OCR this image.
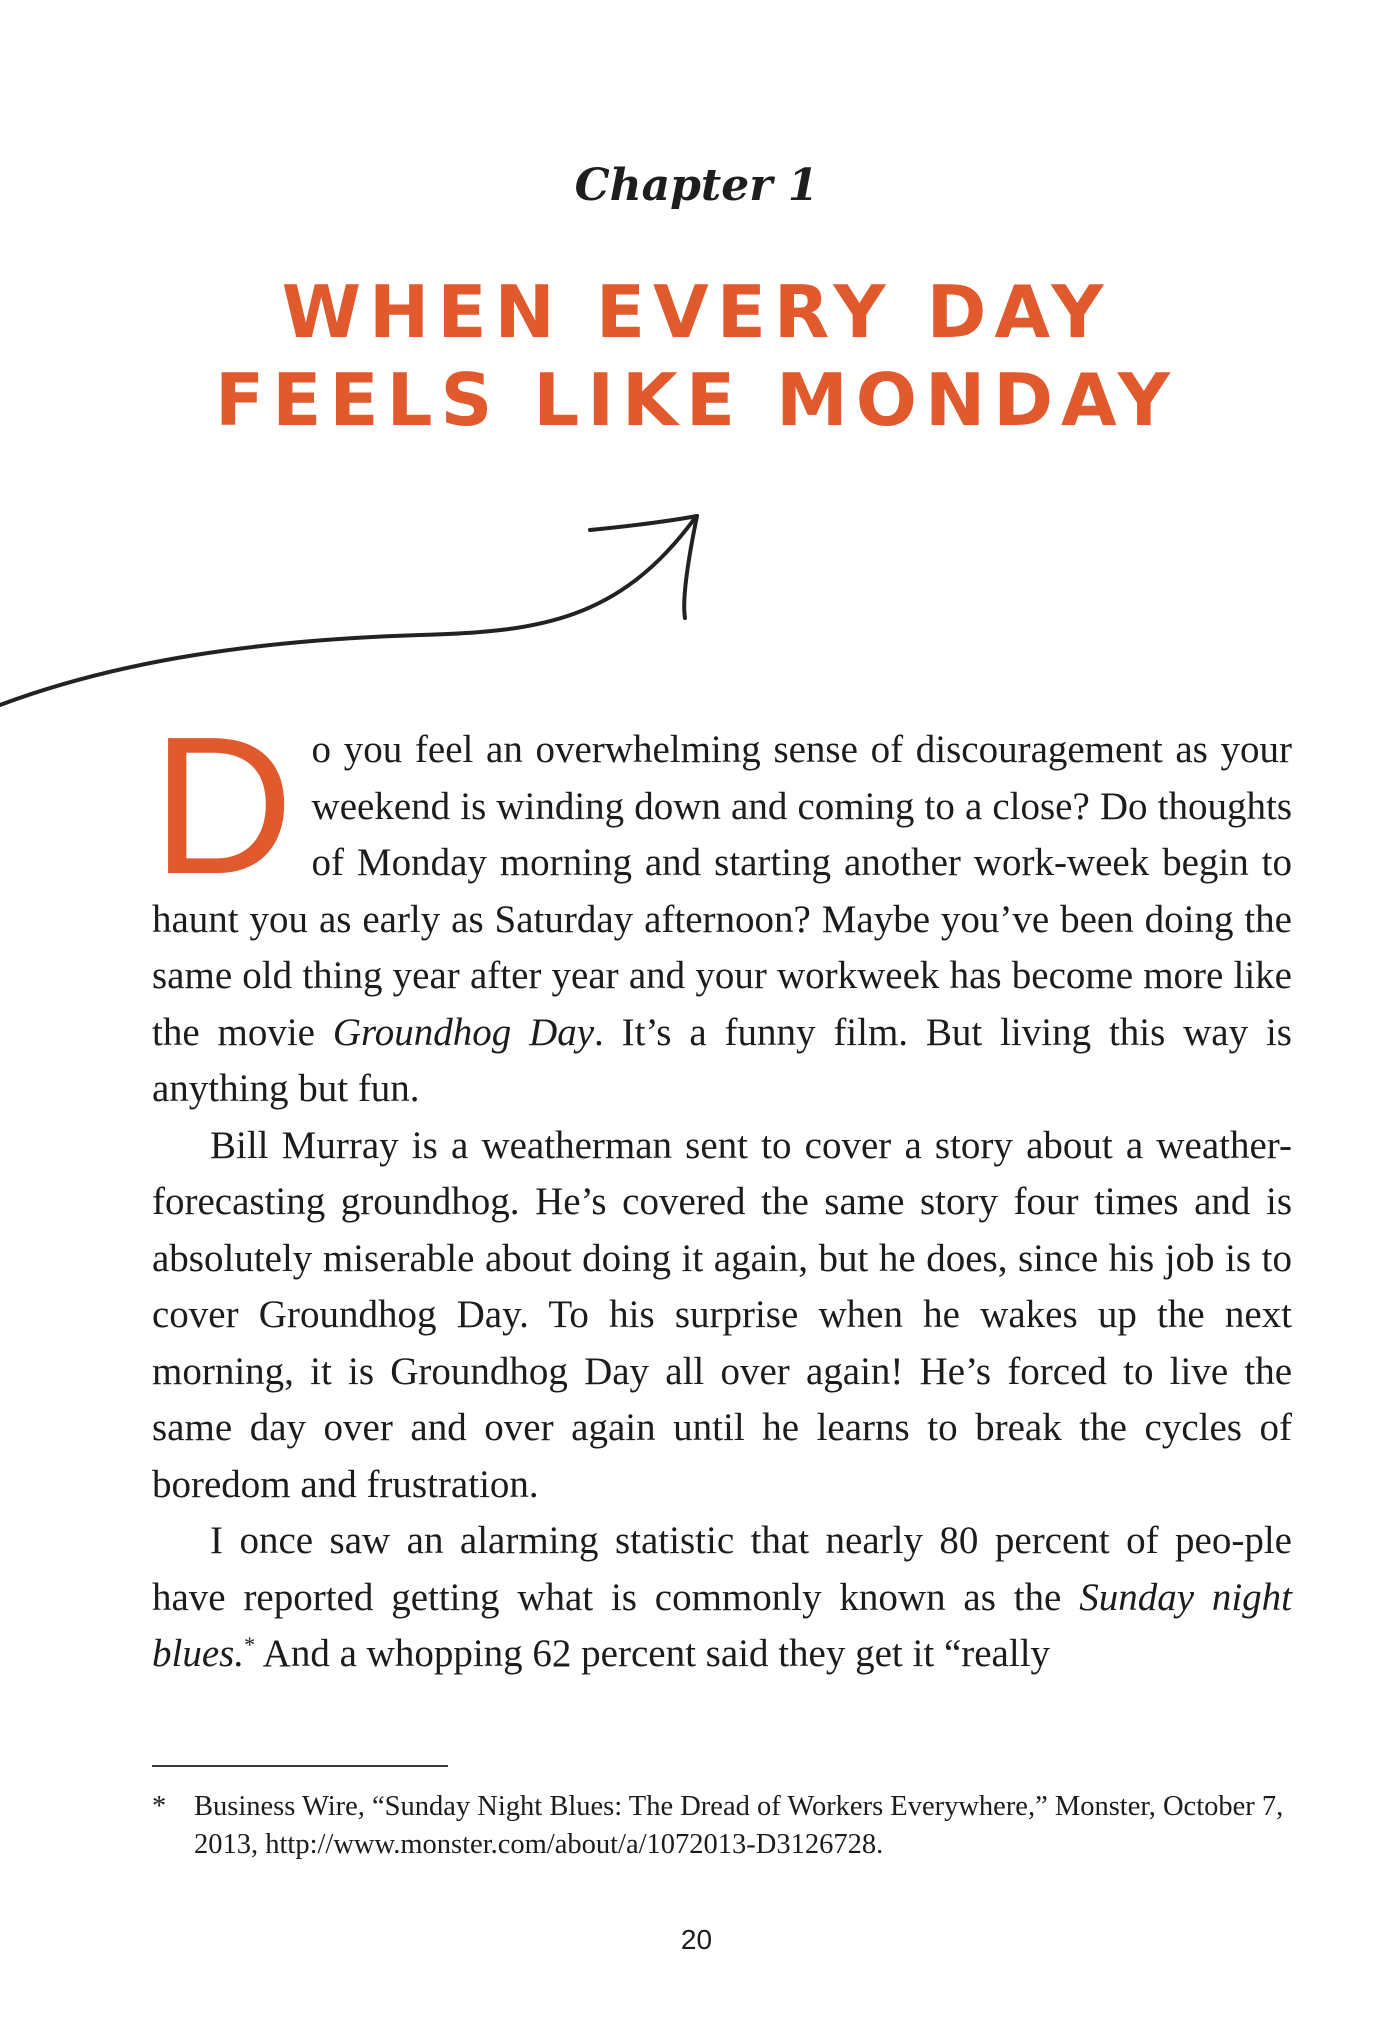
Chapter 1
WHEN EVERY DAY
FEELS LIKE MONDAY

Do you feel an overwhelming sense of discouragement as your weekend is winding down and coming to a close? Do thoughts of Monday morning and starting another work-week begin to haunt you as early as Saturday afternoon? Maybe you’ve been doing the same old thing year after year and your workweek has become more like the movie Groundhog Day. It’s a funny film. But living this way is anything but fun.

Bill Murray is a weatherman sent to cover a story about a weather-forecasting groundhog. He’s covered the same story four times and is absolutely miserable about doing it again, but he does, since his job is to cover Groundhog Day. To his surprise when he wakes up the next morning, it is Groundhog Day all over again! He’s forced to live the same day over and over again until he learns to break the cycles of boredom and frustration.

I once saw an alarming statistic that nearly 80 percent of peo-ple have reported getting what is commonly known as the Sunday night blues.* And a whopping 62 percent said they get it “really

* Business Wire, “Sunday Night Blues: The Dread of Workers Everywhere,” Monster, October 7, 2013, http://www.monster.com/about/a/1072013-D3126728.
20
